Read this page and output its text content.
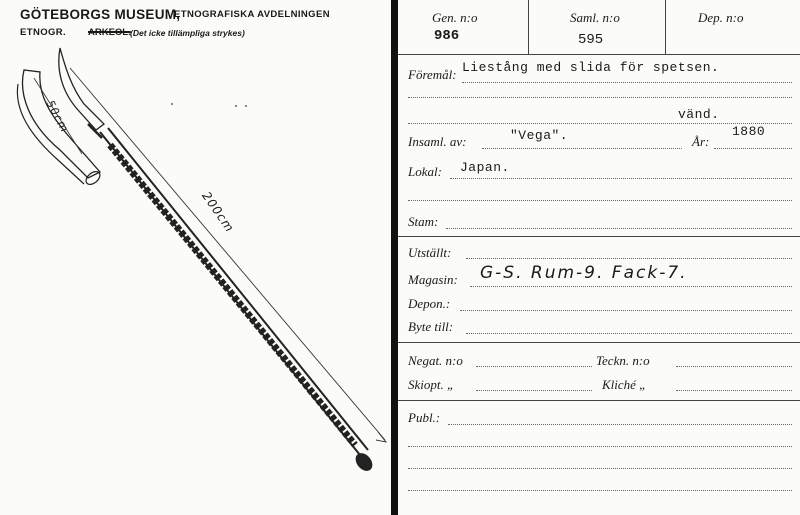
GÖTEBORGS MUSEUM,
ETNOGRAFISKA AVDELNINGEN
ETNOGR. ARKEOL. (Det icke tillämpliga strykes)
200cm
50cm
Gen. n:o
986
Saml. n:o
595
Dep. n:o
Föremål: Liestång med slida för spetsen.
vänd.
Insaml. av:	"Vega".	År:
1880
Lokal: Japan.
Stam:
Utställt:
Magasin: G-S. Rum-9. Fack-7.
Depon.:
Byte till:
Negat. n:o	Teckn. n:o
Skiopt. „	Kliché „
Publ.:
